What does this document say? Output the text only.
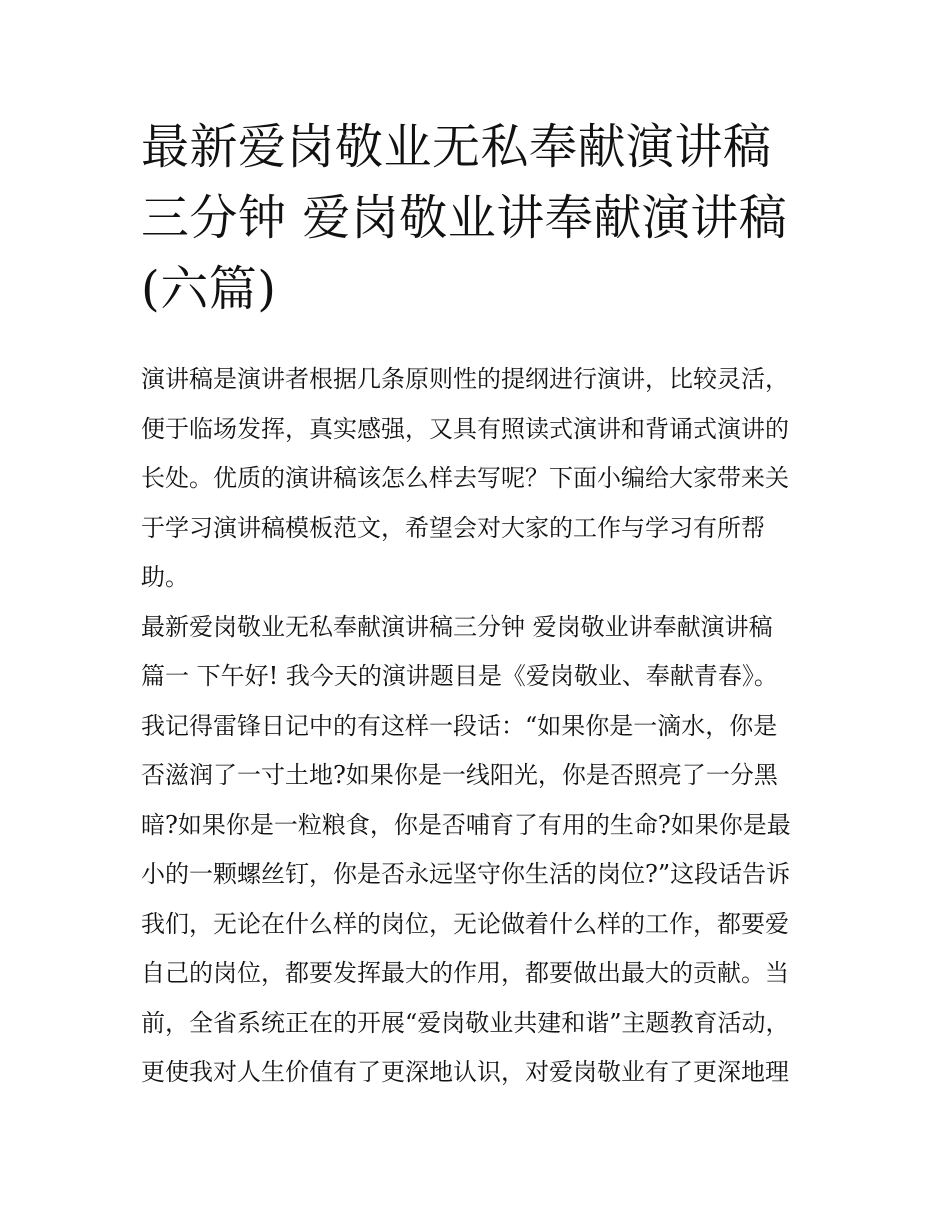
最新爱岗敬业无私奉献演讲稿
三分钟 爱岗敬业讲奉献演讲稿
(六篇)
演讲稿是演讲者根据几条原则性的提纲进行演讲，比较灵活，
便于临场发挥，真实感强，又具有照读式演讲和背诵式演讲的
长处。优质的演讲稿该怎么样去写呢？下面小编给大家带来关
于学习演讲稿模板范文，希望会对大家的工作与学习有所帮
助。
最新爱岗敬业无私奉献演讲稿三分钟 爱岗敬业讲奉献演讲稿
篇一 下午好! 我今天的演讲题目是《爱岗敬业、奉献青春》。
我记得雷锋日记中的有这样一段话：“如果你是一滴水，你是
否滋润了一寸土地?如果你是一线阳光，你是否照亮了一分黑
暗?如果你是一粒粮食，你是否哺育了有用的生命?如果你是最
小的一颗螺丝钉，你是否永远坚守你生活的岗位?”这段话告诉
我们，无论在什么样的岗位，无论做着什么样的工作，都要爱
自己的岗位，都要发挥最大的作用，都要做出最大的贡献。当
前，全省系统正在的开展“爱岗敬业共建和谐”主题教育活动，
更使我对人生价值有了更深地认识，对爱岗敬业有了更深地理
